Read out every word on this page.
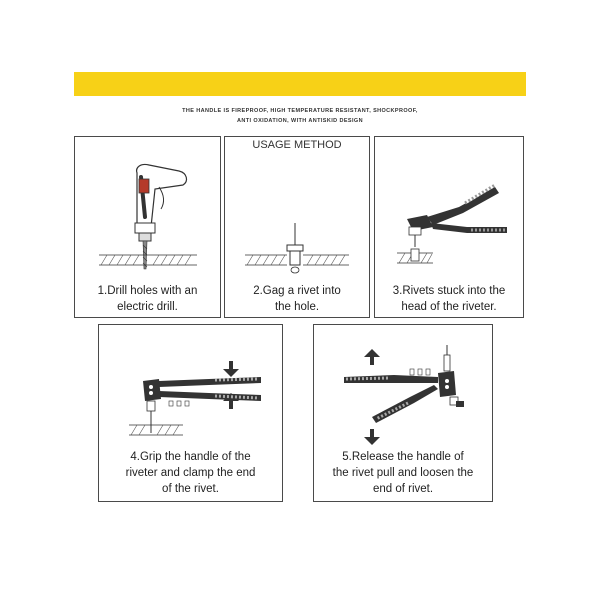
THE HANDLE IS FIREPROOF, HIGH TEMPERATURE RESISTANT, SHOCKPROOF,
ANTI OXIDATION, WITH ANTISKID DESIGN
1.Drill holes with an
electric drill.
USAGE METHOD
2.Gag a rivet into
the hole.
3.Rivets stuck into the
head of the riveter.
4.Grip the handle of the
riveter and clamp the end
of the rivet.
5.Release the handle of
the rivet pull and loosen the
end of rivet.
